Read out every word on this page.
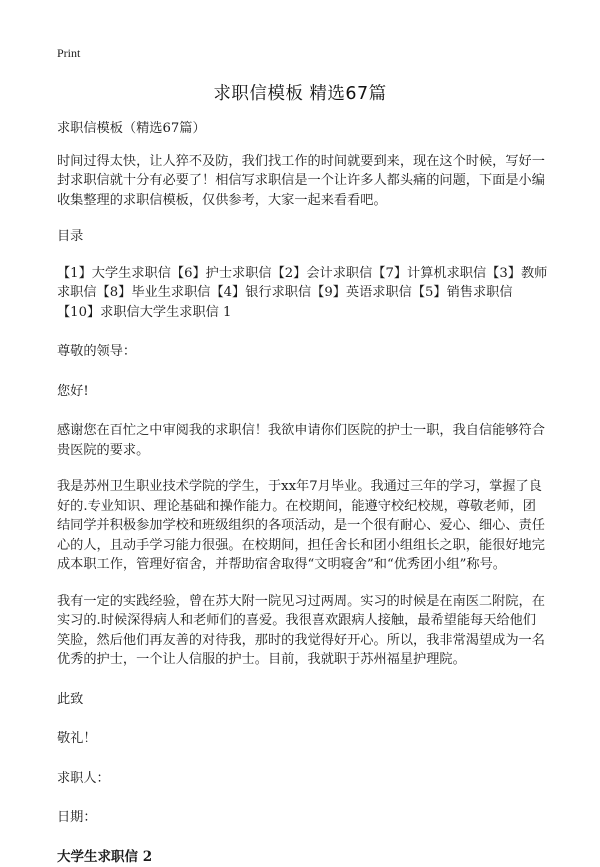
Print
求职信模板 精选67篇

求职信模板（精选67篇）

时间过得太快，让人猝不及防，我们找工作的时间就要到来，现在这个时候，写好一封求职信就十分有必要了！相信写求职信是一个让许多人都头痛的问题，下面是小编收集整理的求职信模板，仅供参考，大家一起来看看吧。

目录

【1】大学生求职信【6】护士求职信【2】会计求职信【7】计算机求职信【3】教师求职信【8】毕业生求职信【4】银行求职信【9】英语求职信【5】销售求职信【10】求职信大学生求职信 1

尊敬的领导：

您好!

感谢您在百忙之中审阅我的求职信！我欲申请你们医院的护士一职，我自信能够符合贵医院的要求。

我是苏州卫生职业技术学院的学生，于xx年7月毕业。我通过三年的学习，掌握了良好的.专业知识、理论基础和操作能力。在校期间，能遵守校纪校规，尊敬老师，团结同学并积极参加学校和班级组织的各项活动，是一个很有耐心、爱心、细心、责任心的人，且动手学习能力很强。在校期间，担任舍长和团小组组长之职，能很好地完成本职工作，管理好宿舍，并帮助宿舍取得“文明寝舍”和“优秀团小组”称号。

我有一定的实践经验，曾在苏大附一院见习过两周。实习的时候是在南医二附院，在实习的.时候深得病人和老师们的喜爱。我很喜欢跟病人接触，最希望能每天给他们笑脸，然后他们再友善的对待我，那时的我觉得好开心。所以，我非常渴望成为一名优秀的护士，一个让人信服的护士。目前，我就职于苏州福星护理院。

此致

敬礼！

求职人：

日期：

大学生求职信 2
